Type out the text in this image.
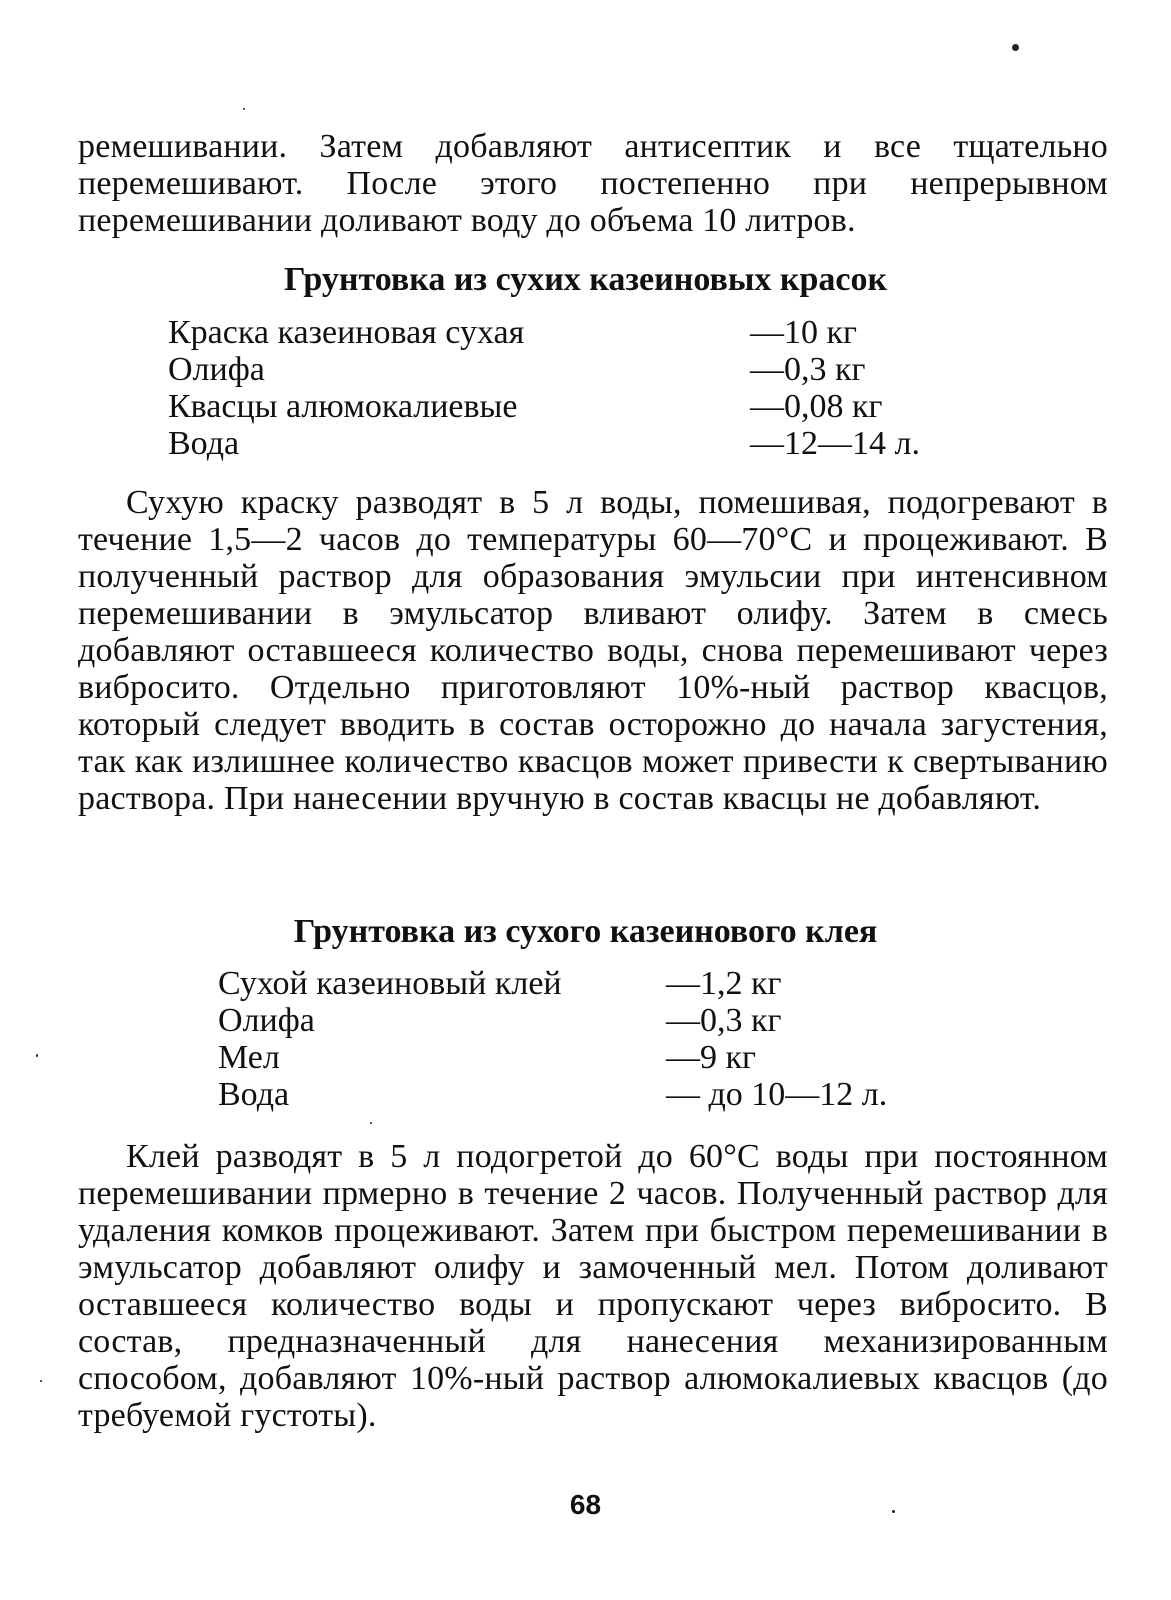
ремешивании. Затем добавляют антисептик и все тщательно перемешивают. После этого постепенно при непрерывном перемешивании доливают воду до объема 10 литров.

Грунтовка из сухих казеиновых красок
Краска казеиновая сухая	—10 кг
Олифа	—0,3 кг
Квасцы алюмокалиевые	—0,08 кг
Вода	—12—14 л.

Сухую краску разводят в 5 л воды, помешивая, подогревают в течение 1,5—2 часов до температуры 60—70°С и процеживают. В полученный раствор для образования эмульсии при интенсивном перемешивании в эмульсатор вливают олифу. Затем в смесь добавляют оставшееся количество воды, снова перемешивают через вибросито. Отдельно приготовляют 10%-ный раствор квасцов, который следует вводить в состав осторожно до начала загустения, так как излишнее количество квасцов может привести к свертыванию раствора. При нанесении вручную в состав квасцы не добавляют.

Грунтовка из сухого казеинового клея
Сухой казеиновый клей	—1,2 кг
Олифа	—0,3 кг
Мел	—9 кг
Вода	— до 10—12 л.

Клей разводят в 5 л подогретой до 60°С воды при постоянном перемешивании прмерно в течение 2 часов. Полученный раствор для удаления комков процеживают. Затем при быстром перемешивании в эмульсатор добавляют олифу и замоченный мел. Потом доливают оставшееся количество воды и пропускают через вибросито. В состав, предназначенный для нанесения механизированным способом, добавляют 10%-ный раствор алюмокалиевых квасцов (до требуемой густоты).

68
